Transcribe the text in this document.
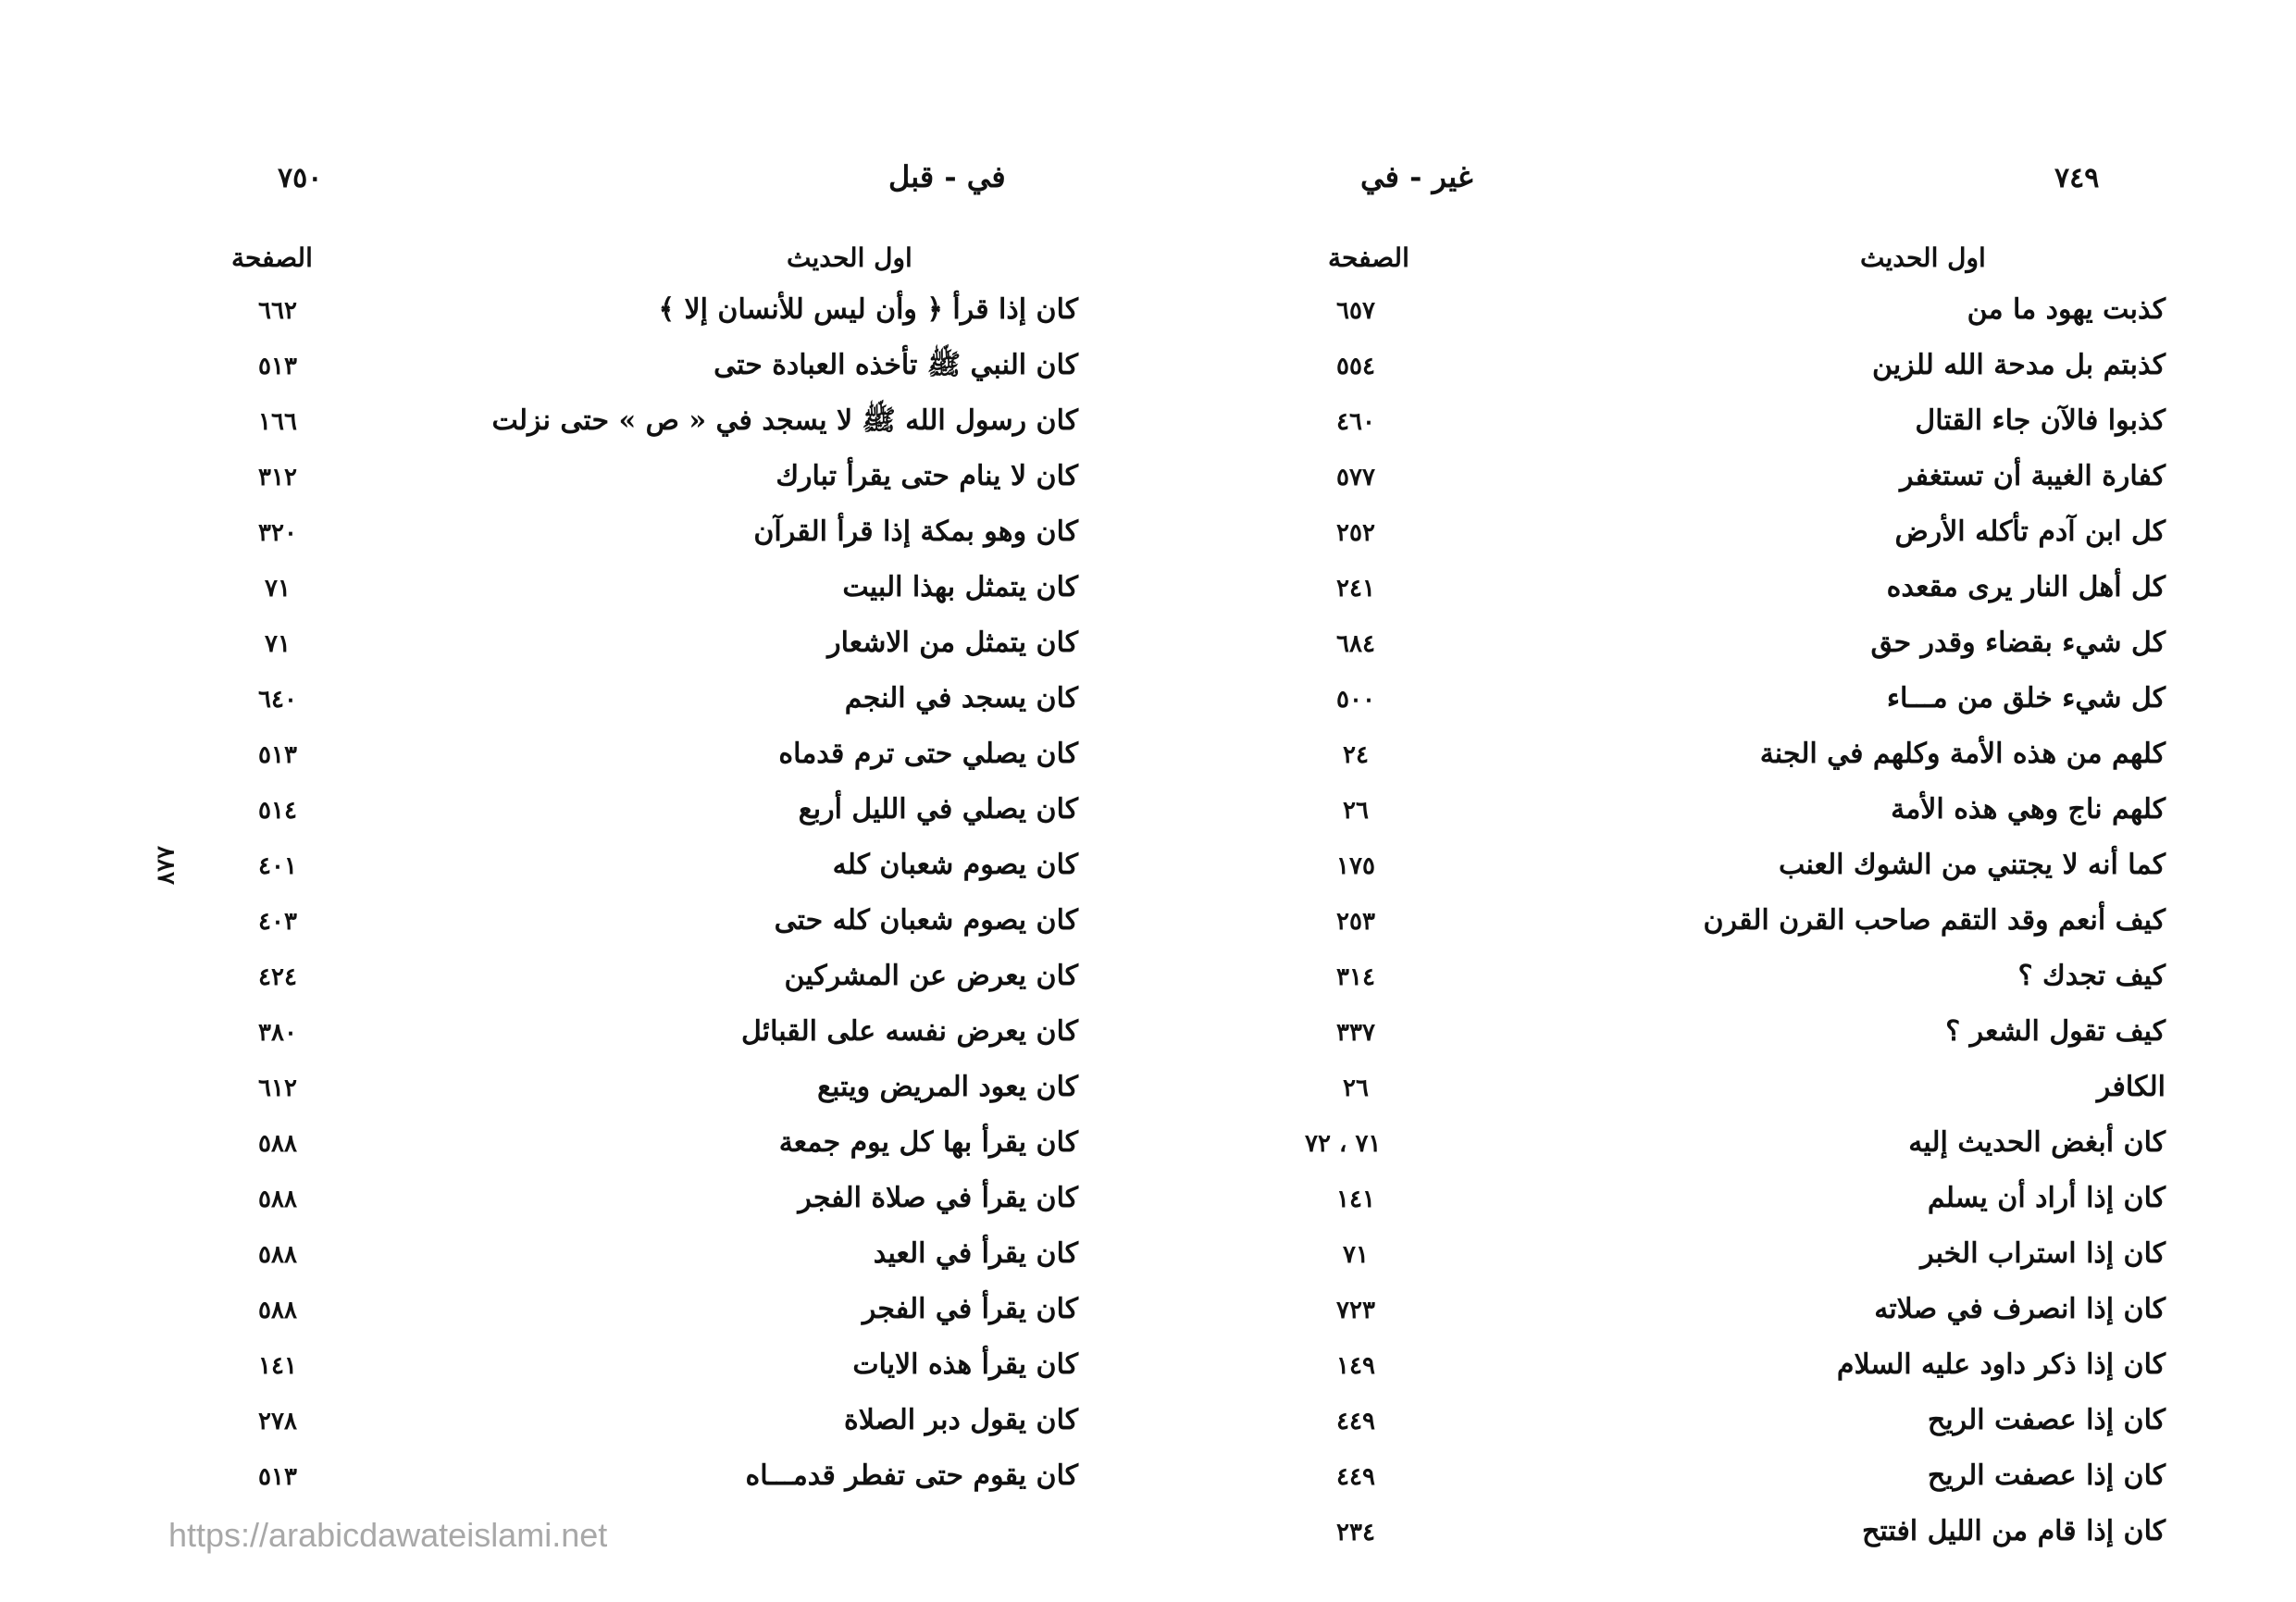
٧٤٩
غير - في
اول الحديث
الصفحة
كذبت يهود ما من
٦٥٧
كذبتم بل مدحة الله للزين
٥٥٤
كذبوا فالآن جاء القتال
٤٦٠
كفارة الغيبة أن تستغفر
٥٧٧
كل ابن آدم تأكله الأرض
٢٥٢
كل أهل النار يرى مقعده
٢٤١
كل شيء بقضاء وقدر حق
٦٨٤
كل شيء خلق من مـــاء
٥٠٠
كلهم من هذه الأمة وكلهم في الجنة
٢٤
كلهم ناج وهي هذه الأمة
٢٦
كما أنه لا يجتني من الشوك العنب
١٧٥
كيف أنعم وقد التقم صاحب القرن القرن
٢٥٣
كيف تجدك ؟
٣١٤
كيف تقول الشعر ؟
٣٣٧
الكافر
٢٦
كان أبغض الحديث إليه
٧١ ، ٧٢
كان إذا أراد أن يسلم
١٤١
كان إذا استراب الخبر
٧١
كان إذا انصرف في صلاته
٧٢٣
كان إذا ذكر داود عليه السلام
١٤٩
كان إذا عصفت الريح
٤٤٩
كان إذا عصفت الريح
٤٤٩
كان إذا قام من الليل افتتح
٢٣٤
٧٥٠	في - قبل
اول الحديث
الصفحة
كان إذا قرأ ﴿ وأن ليس للأنسان إلا ﴾
٦٦٢
كان النبي ﷺ تأخذه العبادة حتى
٥١٣
كان رسول الله ﷺ لا يسجد في « ص » حتى نزلت
١٦٦
كان لا ينام حتى يقرأ تبارك
٣١٢
كان وهو بمكة إذا قرأ القرآن
٣٢٠
كان يتمثل بهذا البيت
٧١
كان يتمثل من الاشعار
٧١
كان يسجد في النجم
٦٤٠
كان يصلي حتى ترم قدماه
٥١٣
كان يصلي في الليل أربع
٥١٤
كان يصوم شعبان كله
٤٠١
كان يصوم شعبان كله حتى
٤٠٣
كان يعرض عن المشركين
٤٢٤
كان يعرض نفسه على القبائل
٣٨٠
كان يعود المريض ويتبع
٦١٢
كان يقرأ بها كل يوم جمعة
٥٨٨
كان يقرأ في صلاة الفجر
٥٨٨
كان يقرأ في العيد
٥٨٨
كان يقرأ في الفجر
٥٨٨
كان يقرأ هذه الايات
١٤١
كان يقول دبر الصلاة
٢٧٨
كان يقوم حتى تفطر قدمـــاه
٥١٣
٨٨٧
https://arabicdawateislami.net
